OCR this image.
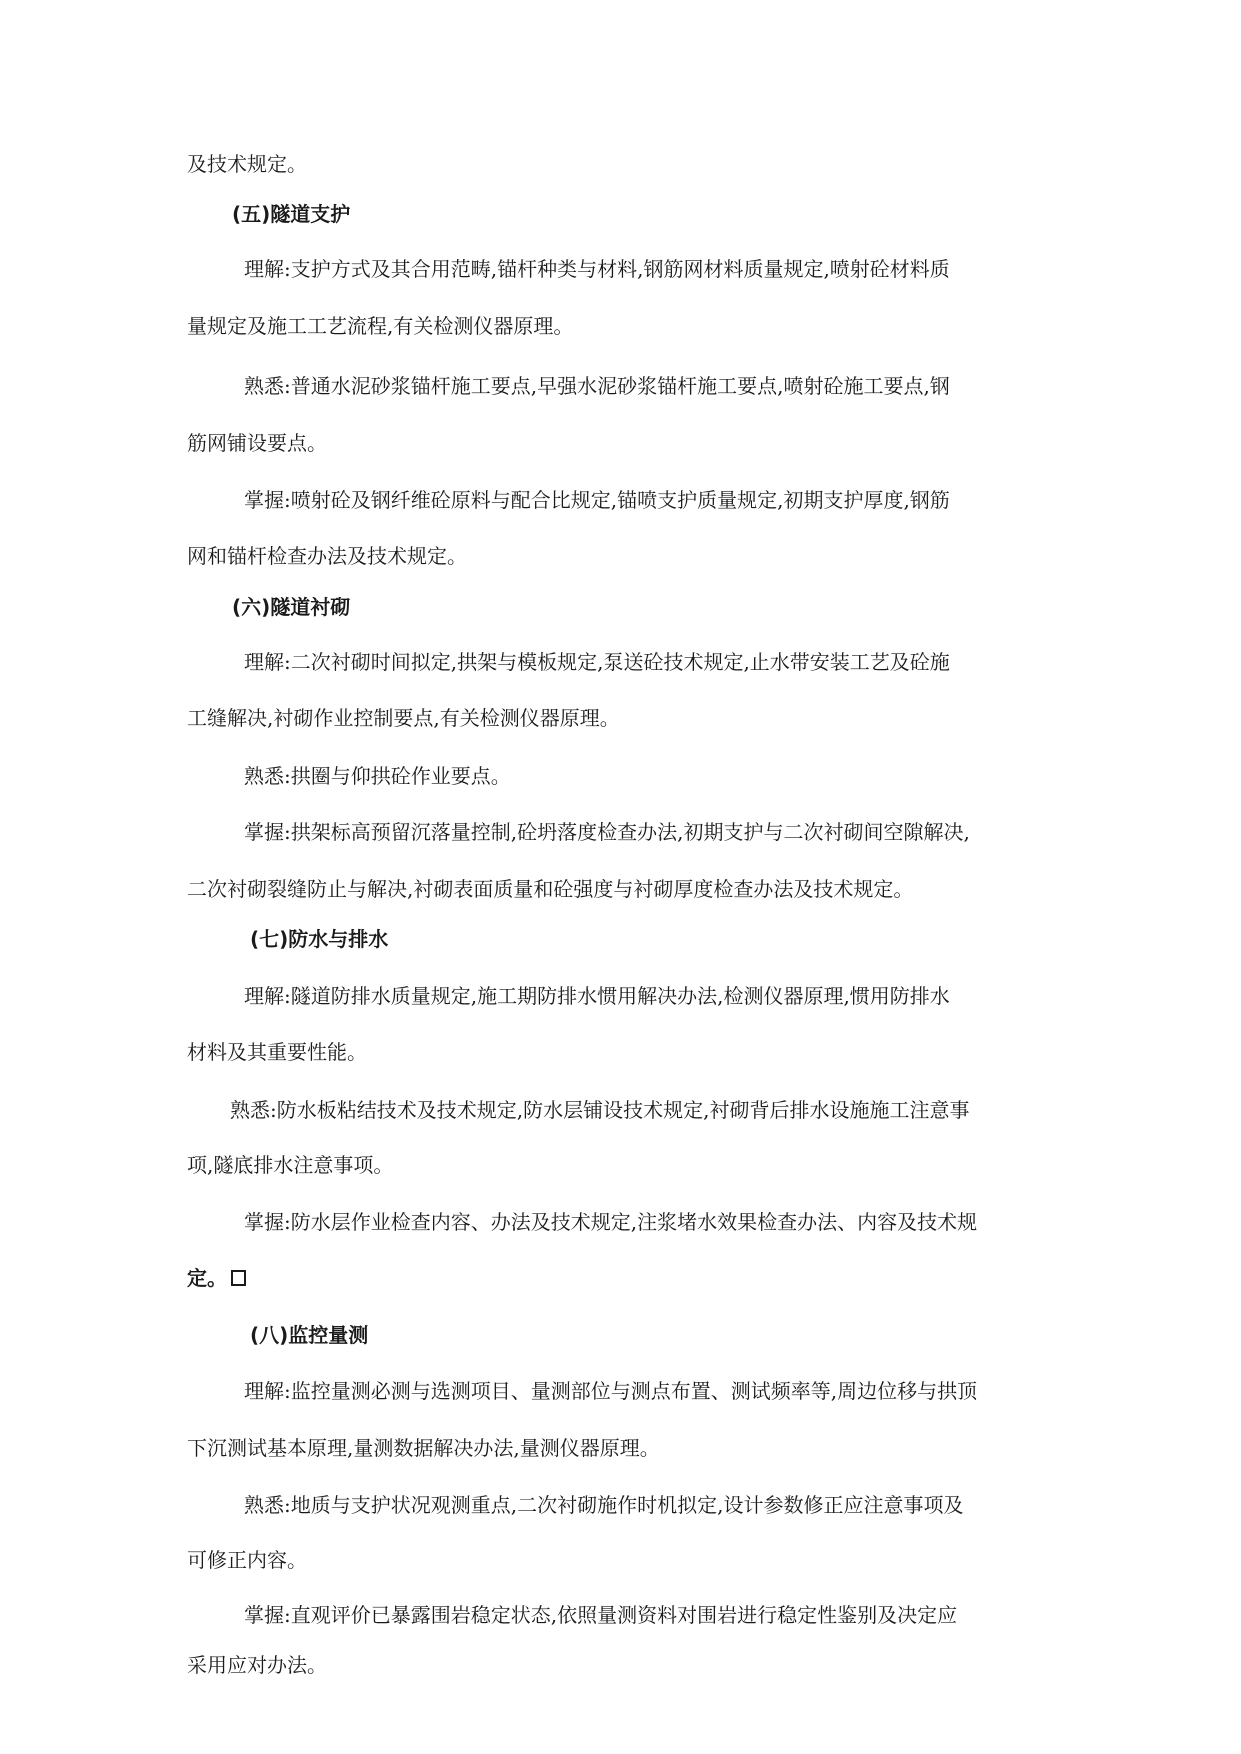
及技术规定。
(五)隧道支护
理解:支护方式及其合用范畴,锚杆种类与材料,钢筋网材料质量规定,喷射砼材料质
量规定及施工工艺流程,有关检测仪器原理。
熟悉:普通水泥砂浆锚杆施工要点,早强水泥砂浆锚杆施工要点,喷射砼施工要点,钢
筋网铺设要点。
掌握:喷射砼及钢纤维砼原料与配合比规定,锚喷支护质量规定,初期支护厚度,钢筋
网和锚杆检查办法及技术规定。
(六)隧道衬砌
理解:二次衬砌时间拟定,拱架与模板规定,泵送砼技术规定,止水带安装工艺及砼施
工缝解决,衬砌作业控制要点,有关检测仪器原理。
熟悉:拱圈与仰拱砼作业要点。
掌握:拱架标高预留沉落量控制,砼坍落度检查办法,初期支护与二次衬砌间空隙解决,
二次衬砌裂缝防止与解决,衬砌表面质量和砼强度与衬砌厚度检查办法及技术规定。
(七)防水与排水
理解:隧道防排水质量规定,施工期防排水惯用解决办法,检测仪器原理,惯用防排水
材料及其重要性能。
熟悉:防水板粘结技术及技术规定,防水层铺设技术规定,衬砌背后排水设施施工注意事
项,隧底排水注意事项。
掌握:防水层作业检查内容、办法及技术规定,注浆堵水效果检查办法、内容及技术规
定。
(八)监控量测
理解:监控量测必测与选测项目、量测部位与测点布置、测试频率等,周边位移与拱顶
下沉测试基本原理,量测数据解决办法,量测仪器原理。
熟悉:地质与支护状况观测重点,二次衬砌施作时机拟定,设计参数修正应注意事项及
可修正内容。
掌握:直观评价已暴露围岩稳定状态,依照量测资料对围岩进行稳定性鉴别及决定应
采用应对办法。
